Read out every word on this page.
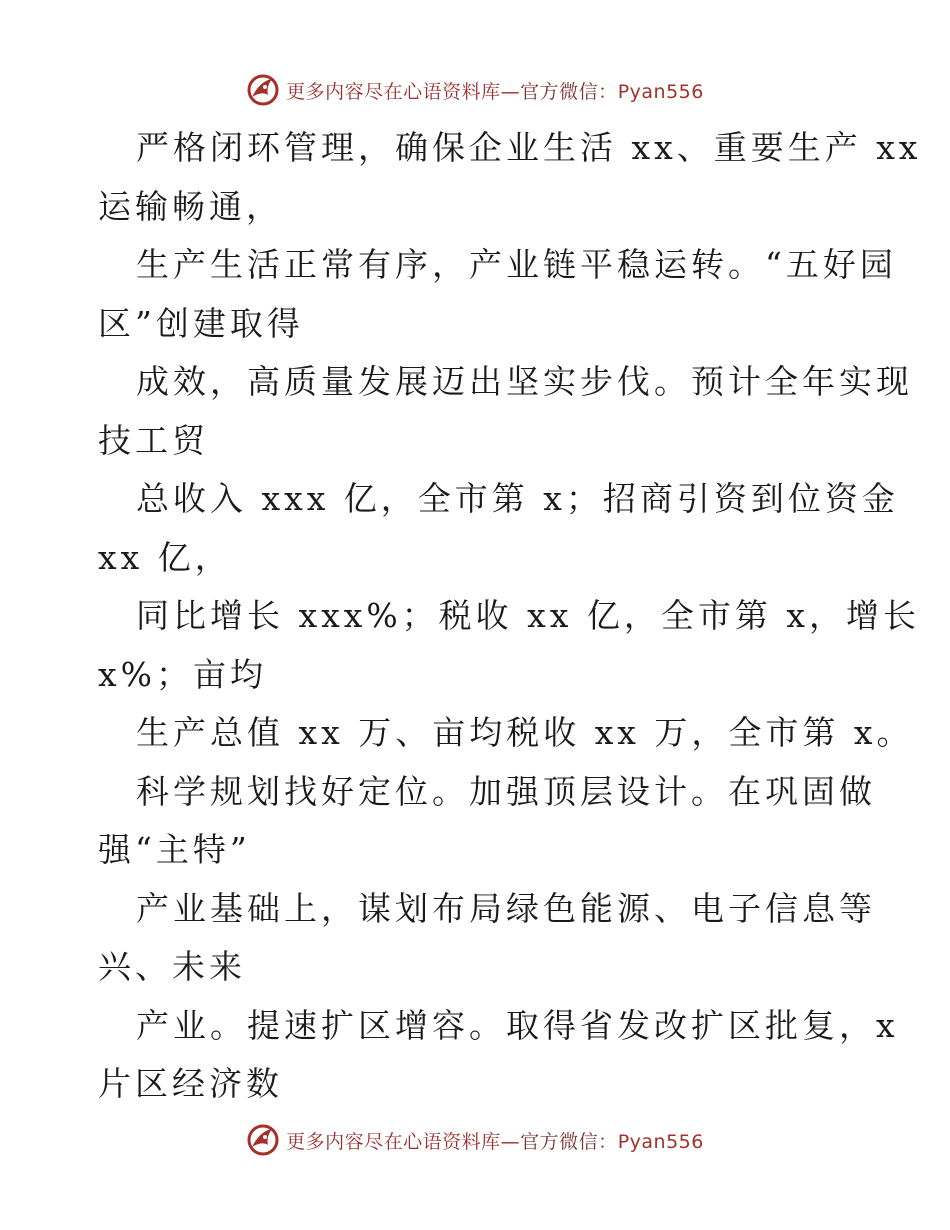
更多内容尽在心语资料库—官方微信：Pyan556
严格闭环管理，确保企业生活 xx、重要生产 xx
运输畅通，
生产生活正常有序，产业链平稳运转。“五好园
区”创建取得
成效，高质量发展迈出坚实步伐。预计全年实现
技工贸
总收入 xxx 亿，全市第 x；招商引资到位资金
xx 亿，
同比增长 xxx%；税收 xx 亿，全市第 x，增长
x%；亩均
生产总值 xx 万、亩均税收 xx 万，全市第 x。
科学规划找好定位。加强顶层设计。在巩固做
强“主特”
产业基础上，谋划布局绿色能源、电子信息等
兴、未来
产业。提速扩区增容。取得省发改扩区批复，x
片区经济数
更多内容尽在心语资料库—官方微信：Pyan556
